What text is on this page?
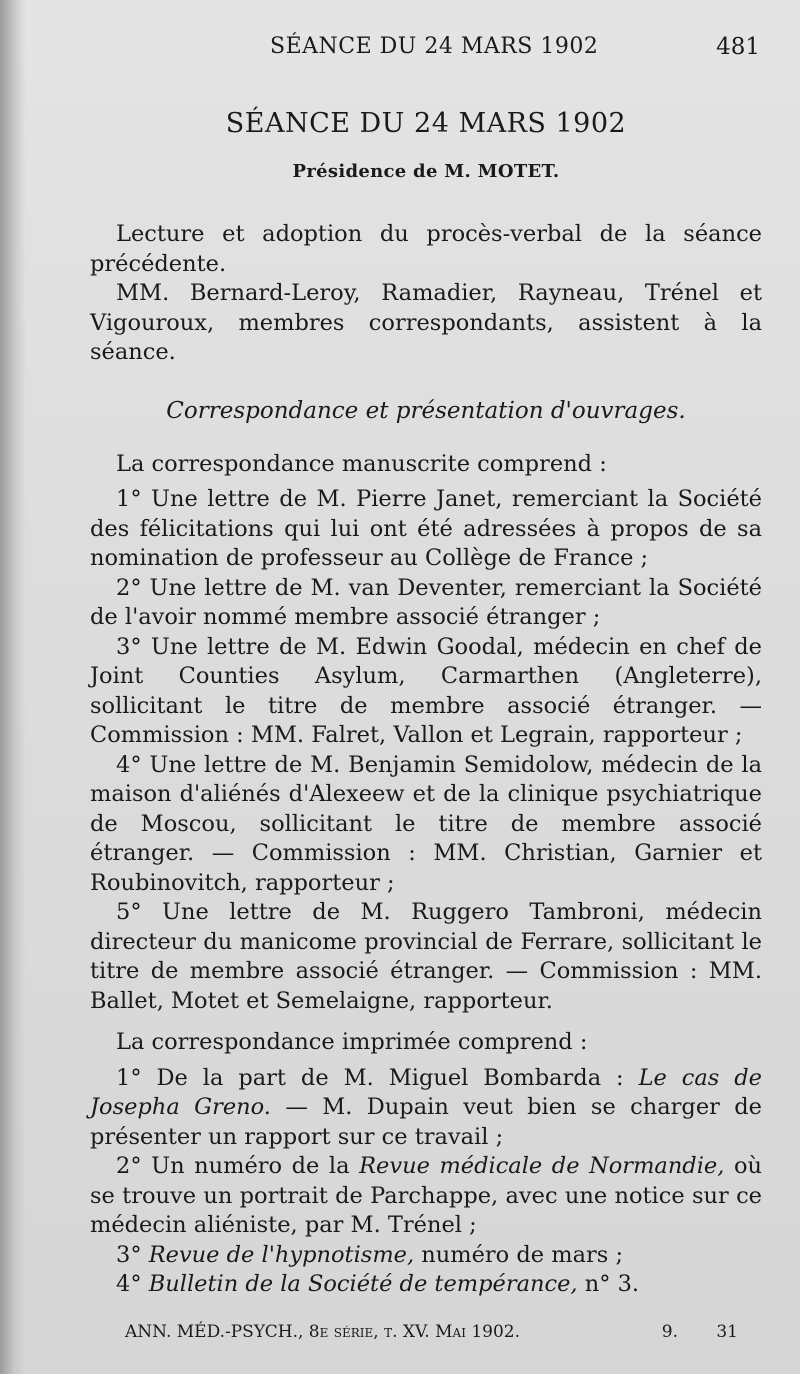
SÉANCE DU 24 MARS 1902	481
SÉANCE DU 24 MARS 1902
Présidence de M. MOTET.

Lecture et adoption du procès-verbal de la séance précédente.

MM. Bernard-Leroy, Ramadier, Rayneau, Trénel et Vigouroux, membres correspondants, assistent à la séance.

Correspondance et présentation d'ouvrages.

La correspondance manuscrite comprend :

1° Une lettre de M. Pierre Janet, remerciant la Société des félicitations qui lui ont été adressées à propos de sa nomination de professeur au Collège de France ;

2° Une lettre de M. van Deventer, remerciant la Société de l'avoir nommé membre associé étranger ;

3° Une lettre de M. Edwin Goodal, médecin en chef de Joint Counties Asylum, Carmarthen (Angleterre), sollicitant le titre de membre associé étranger. — Commission : MM. Falret, Vallon et Legrain, rapporteur ;

4° Une lettre de M. Benjamin Semidolow, médecin de la maison d'aliénés d'Alexeew et de la clinique psychiatrique de Moscou, sollicitant le titre de membre associé étranger. — Commission : MM. Christian, Garnier et Roubinovitch, rapporteur ;

5° Une lettre de M. Ruggero Tambroni, médecin directeur du manicome provincial de Ferrare, sollicitant le titre de membre associé étranger. — Commission : MM. Ballet, Motet et Semelaigne, rapporteur.

La correspondance imprimée comprend :

1° De la part de M. Miguel Bombarda : Le cas de Josepha Greno. — M. Dupain veut bien se charger de présenter un rapport sur ce travail ;

2° Un numéro de la Revue médicale de Normandie, où se trouve un portrait de Parchappe, avec une notice sur ce médecin aliéniste, par M. Trénel ;

3° Revue de l'hypnotisme, numéro de mars ;

4° Bulletin de la Société de tempérance, n° 3.

ANN. MÉD.-PSYCH., 8e série, t. XV. Mai 1902.	9. 31
